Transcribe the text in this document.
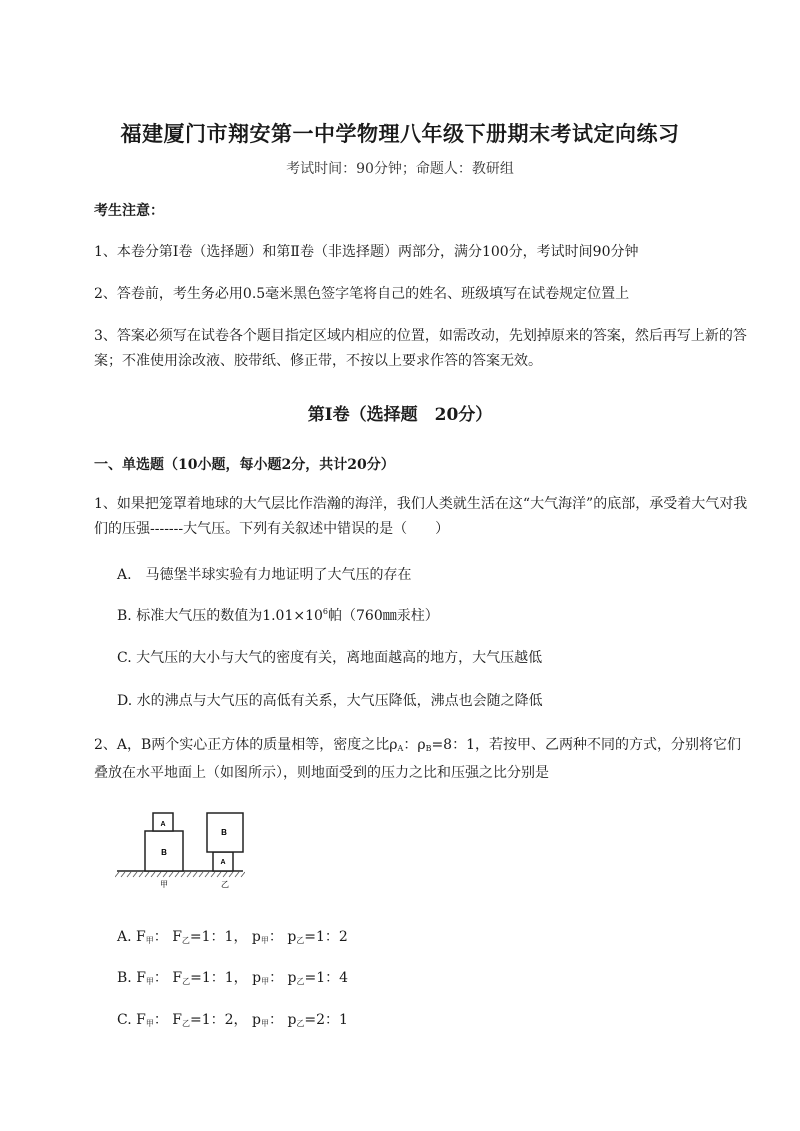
福建厦门市翔安第一中学物理八年级下册期末考试定向练习
考试时间：90分钟；命题人：教研组
考生注意：
1、本卷分第I卷（选择题）和第Ⅱ卷（非选择题）两部分，满分100分，考试时间90分钟
2、答卷前，考生务必用0.5毫米黑色签字笔将自己的姓名、班级填写在试卷规定位置上
3、答案必须写在试卷各个题目指定区域内相应的位置，如需改动，先划掉原来的答案，然后再写上新的答案；不准使用涂改液、胶带纸、修正带，不按以上要求作答的答案无效。
第I卷（选择题　20分）
一、单选题（10小题，每小题2分，共计20分）
1、如果把笼罩着地球的大气层比作浩瀚的海洋，我们人类就生活在这“大气海洋”的底部，承受着大气对我们的压强-------大气压。下列有关叙述中错误的是（　　）
A.　马德堡半球实验有力地证明了大气压的存在
B. 标准大气压的数值为$1.01\times 10^6$帕（760㎜汞柱）
C. 大气压的大小与大气的密度有关，离地面越高的地方，大气压越低
D. 水的沸点与大气压的高低有关系，大气压降低，沸点也会随之降低
2、A，B两个实心正方体的质量相等，密度之比$\rho_A$：$\rho_B=8$：1，若按甲、乙两种不同的方式，分别将它们叠放在水平地面上（如图所示），则地面受到的压力之比和压强之比分别是
B
A
B
A
甲	乙
A. $F_甲$： $F_乙=1$：1， $p_甲$： $p_乙=1$：2
B. $F_甲$： $F_乙=1$：1， $p_甲$： $p_乙=1$：4
C. $F_甲$： $F_乙=1$：2， $p_甲$： $p_乙=2$：1
